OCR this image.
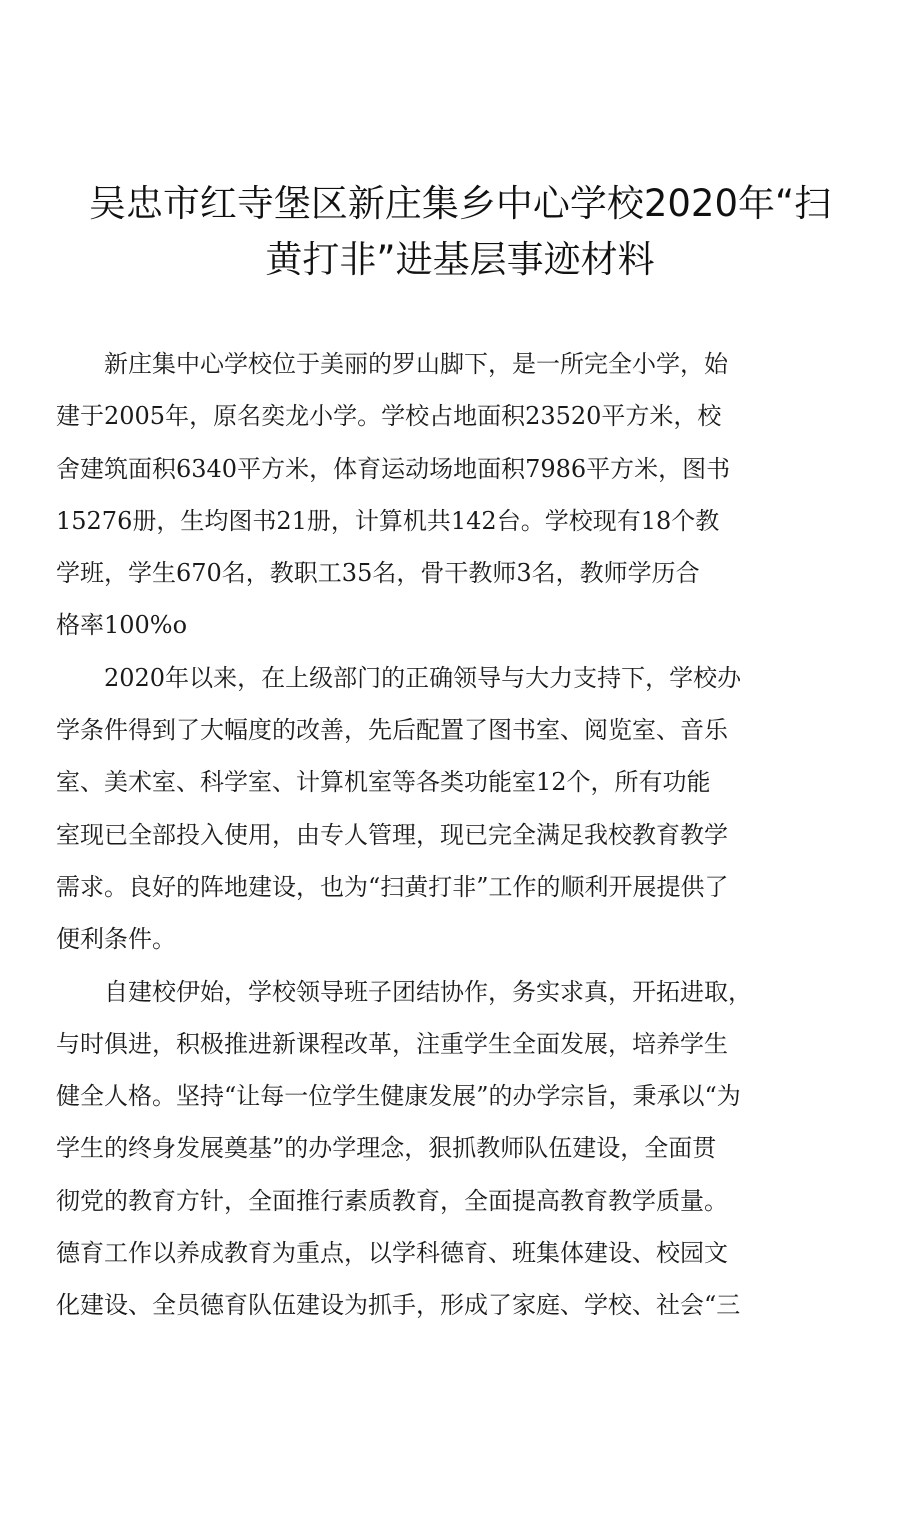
吴忠市红寺堡区新庄集乡中心学校2020年“扫
黄打非”进基层事迹材料
新庄集中心学校位于美丽的罗山脚下，是一所完全小学，始
建于2005年，原名奕龙小学。学校占地面积23520平方米，校
舍建筑面积6340平方米，体育运动场地面积7986平方米，图书
15276册，生均图书21册，计算机共142台。学校现有18个教
学班，学生670名，教职工35名，骨干教师3名，教师学历合
格率100%o
2020年以来，在上级部门的正确领导与大力支持下，学校办
学条件得到了大幅度的改善，先后配置了图书室、阅览室、音乐
室、美术室、科学室、计算机室等各类功能室12个，所有功能
室现已全部投入使用，由专人管理，现已完全满足我校教育教学
需求。良好的阵地建设，也为“扫黄打非”工作的顺利开展提供了
便利条件。
自建校伊始，学校领导班子团结协作，务实求真，开拓进取，
与时俱进，积极推进新课程改革，注重学生全面发展，培养学生
健全人格。坚持“让每一位学生健康发展”的办学宗旨，秉承以“为
学生的终身发展奠基”的办学理念，狠抓教师队伍建设，全面贯
彻党的教育方针，全面推行素质教育，全面提高教育教学质量。
德育工作以养成教育为重点，以学科德育、班集体建设、校园文
化建设、全员德育队伍建设为抓手，形成了家庭、学校、社会“三
